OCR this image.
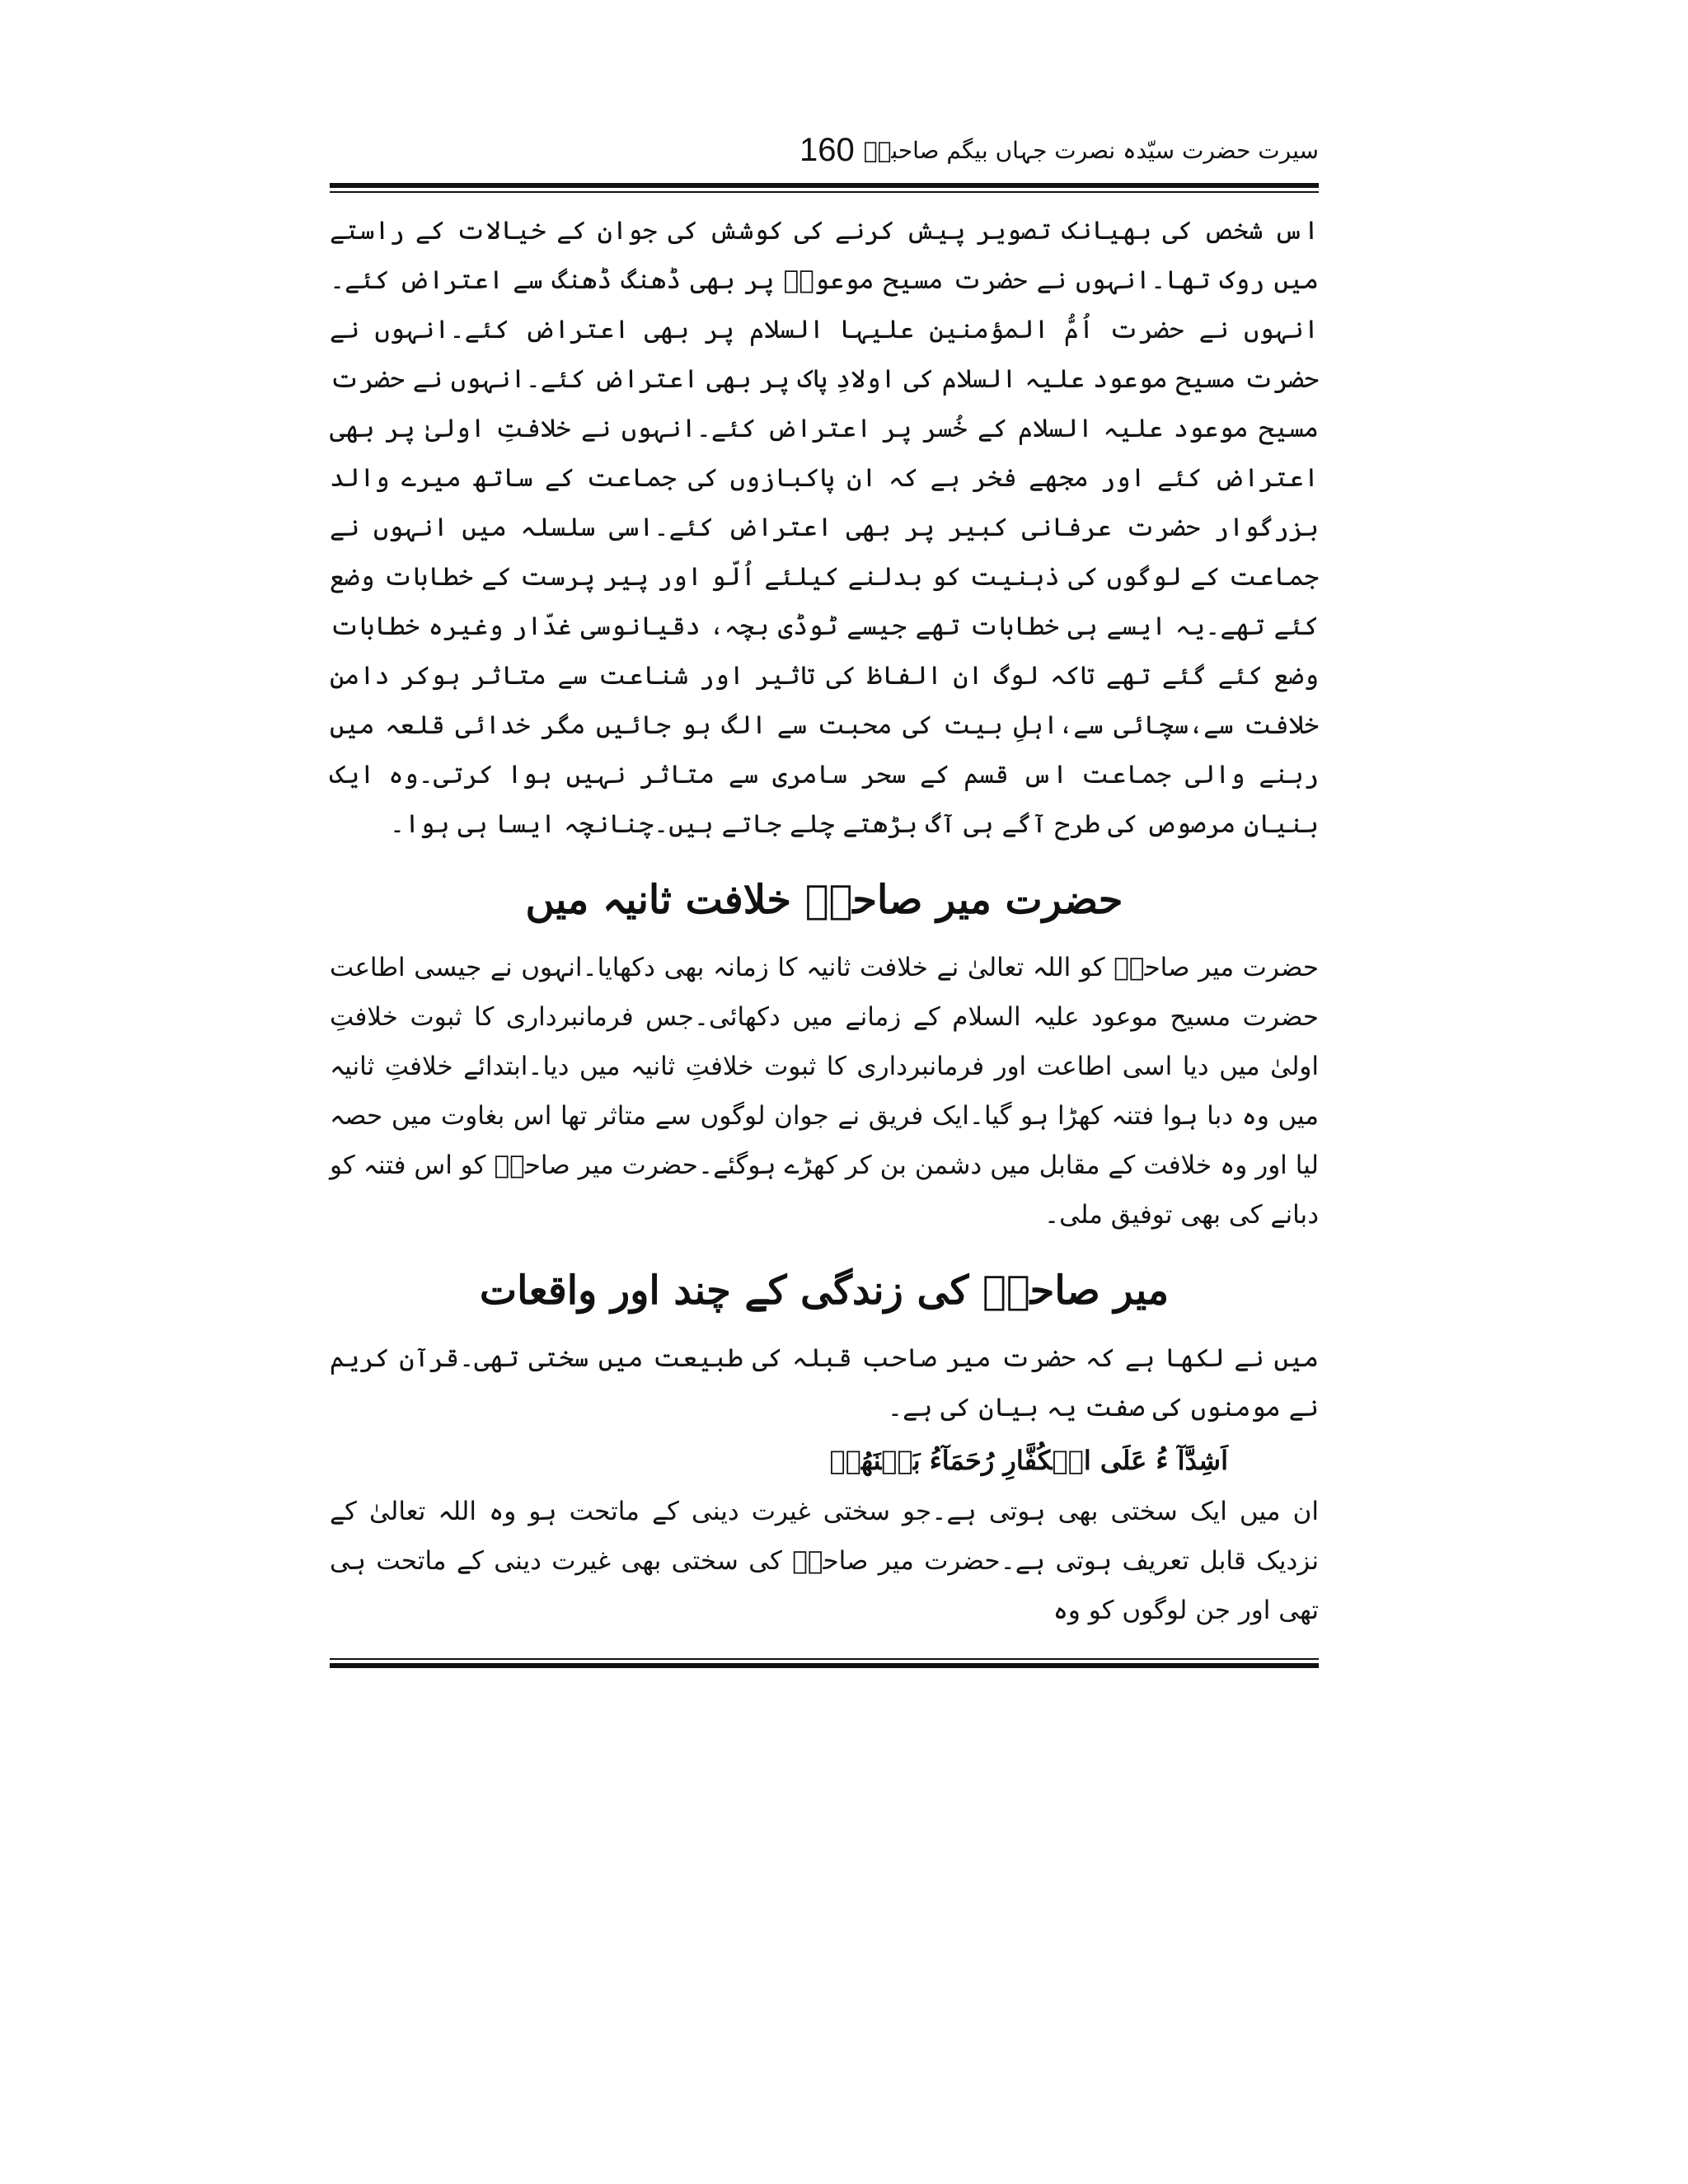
160 سیرت حضرت سیّدہ نصرت جہاں بیگم صاحبہؓ

اس شخص کی بھیانک تصویر پیش کرنے کی کوشش کی جوان کے خیالات کے راستے میں روک تھا۔انہوں نے حضرت مسیح موعودؑ پر بھی ڈھنگ ڈھنگ سے اعتراض کئے۔انہوں نے حضرت اُمُّ المؤمنین علیہا السلام پر بھی اعتراض کئے۔انہوں نے حضرت مسیح موعود علیہ السلام کی اولادِ پاک پر بھی اعتراض کئے۔انہوں نے حضرت مسیح موعود علیہ السلام کے خُسر پر اعتراض کئے۔انہوں نے خلافتِ اولیٰ پر بھی اعتراض کئے اور مجھے فخر ہے کہ ان پاکبازوں کی جماعت کے ساتھ میرے والد بزرگوار حضرت عرفانی کبیر پر بھی اعتراض کئے۔اسی سلسلہ میں انہوں نے جماعت کے لوگوں کی ذہنیت کو بدلنے کیلئے اُلّو اور پیر پرست کے خطابات وضع کئے تھے۔یہ ایسے ہی خطابات تھے جیسے ٹوڈی بچہ، دقیانوسی غدّار وغیرہ خطابات وضع کئے گئے تھے تاکہ لوگ ان الفاظ کی تاثیر اور شناعت سے متاثر ہوکر دامن خلافت سے،سچائی سے،اہلِ بیت کی محبت سے الگ ہو جائیں مگر خدائی قلعہ میں رہنے والی جماعت اس قسم کے سحر سامری سے متاثر نہیں ہوا کرتی۔وہ ایک بنیانِ مرصوص کی طرح آگے ہی آگ بڑھتے چلے جاتے ہیں۔چنانچہ ایسا ہی ہوا۔

حضرت میر صاحبؓ خلافت ثانیہ میں

حضرت میر صاحبؓ کو اللہ تعالیٰ نے خلافت ثانیہ کا زمانہ بھی دکھایا۔انہوں نے جیسی اطاعت حضرت مسیح موعود علیہ السلام کے زمانے میں دکھائی۔جس فرمانبرداری کا ثبوت خلافتِ اولیٰ میں دیا اسی اطاعت اور فرمانبرداری کا ثبوت خلافتِ ثانیہ میں دیا۔ابتدائے خلافتِ ثانیہ میں وہ دبا ہوا فتنہ کھڑا ہو گیا۔ایک فریق نے جوان لوگوں سے متاثر تھا اس بغاوت میں حصہ لیا اور وہ خلافت کے مقابل میں دشمن بن کر کھڑے ہوگئے۔حضرت میر صاحبؓ کو اس فتنہ کو دبانے کی بھی توفیق ملی۔

میر صاحبؓ کی زندگی کے چند اور واقعات

میں نے لکھا ہے کہ حضرت میر صاحب قبلہ کی طبیعت میں سختی تھی۔قرآن کریم نے مومنوں کی صفت یہ بیان کی ہے۔

اَشِدَّآ ءُ عَلَی الۡکُفَّارِ رُحَمَآءُ بَیۡنَھُمۡ

ان میں ایک سختی بھی ہوتی ہے۔جو سختی غیرت دینی کے ماتحت ہو وہ اللہ تعالیٰ کے نزدیک قابل تعریف ہوتی ہے۔حضرت میر صاحبؓ کی سختی بھی غیرت دینی کے ماتحت ہی تھی اور جن لوگوں کو وہ
